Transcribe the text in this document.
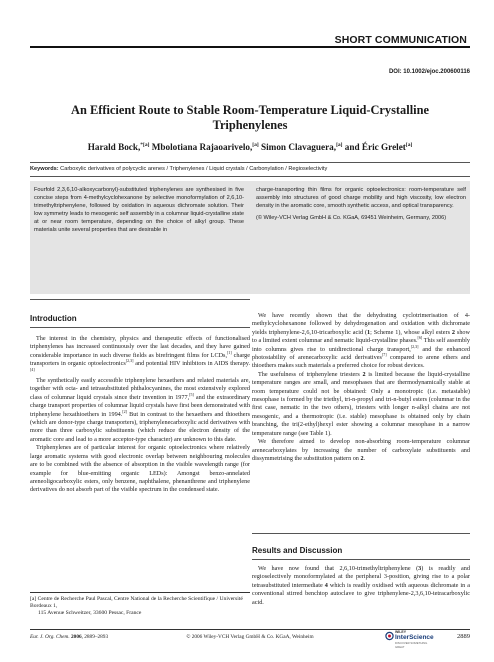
SHORT COMMUNICATION
DOI: 10.1002/ejoc.200600116
An Efficient Route to Stable Room-Temperature Liquid-Crystalline
Triphenylenes
Harald Bock,$^{*[a]}$ Mbolotiana Rajaoarivelo,[a] Simon Clavaguera,[a] and Éric Grelet[a]
Keywords: Carboxylic derivatives of polycyclic arenes / Triphenylenes / Liquid crystals / Carbonylation / Regioselectivity
Fourfold 2,3,6,10-alkoxycarbonyl)-substituted triphenylenes are synthesised in five concise steps from 4-methylcyclohexanone by selective monoformylation of 2,6,10-trimethyltriphenylene, followed by oxidation in aqueous dichromate solution. Their low symmetry leads to mesogenic self assembly in a columnar liquid-crystalline state at or near room temperature, depending on the choice of alkyl group. These materials unite several properties that are desirable in
charge-transporting thin films for organic optoelectronics: room-temperature self assembly into structures of good charge mobility and high viscosity, low electron density in the aromatic core, smooth synthetic access, and optical transparency.
(© Wiley-VCH Verlag GmbH & Co. KGaA, 69451 Weinheim, Germany, 2006)
Introduction

The interest in the chemistry, physics and therapeutic effects of functionalised triphenylenes has increased continuously over the last decades, and they have gained considerable importance in such diverse fields as birefringent films for LCDs,[1] charge transporters in organic optoelectronics[2,3] and potential HIV inhibitors in AIDS therapy.[4]

The synthetically easily accessible triphenylene hexaethers and related materials are, together with octa- and tetrasubstituted phthalocyanines, the most extensively explored class of columnar liquid crystals since their invention in 1977,[5] and the extraordinary charge transport properties of columnar liquid crystals have first been demonstrated with triphenylene hexathioethers in 1994.[2] But in contrast to the hexaethers and thioethers (which are donor-type charge transporters), triphenylenecarboxylic acid derivatives with more than three carboxylic substituents (which reduce the electron density of the aromatic core and lead to a more acceptor-type character) are unknown to this date.

Triphenylenes are of particular interest for organic optoelectronics where relatively large aromatic systems with good electronic overlap between neighbouring molecules are to be combined with the absence of absorption in the visible wavelength range (for example for blue-emitting organic LEDs): Amongst benzo-annelated areneoligocarboxylic esters, only benzene, naphthalene, phenanthrene and triphenylene derivatives do not absorb part of the visible spectrum in the condensed state.

[a] Centre de Recherche Paul Pascal, Centre National de la Recherche Scientifique / Université Bordeaux 1,
115 Avenue Schweitzer, 33600 Pessac, France

We have recently shown that the dehydrating cyclotrimerisation of 4-methylcyclohexanone followed by dehydrogenation and oxidation with dichromate yields triphenylene-2,6,10-tricarboxylic acid (1; Scheme 1), whose alkyl esters 2 show to a limited extent columnar and nematic liquid-crystalline phases.[6] This self assembly into columns gives rise to unidirectional charge transport,[2,3] and the enhanced photostability of arenecarboxylic acid derivatives[7] compared to arene ethers and thioethers makes such materials a preferred choice for robust devices.

The usefulness of triphenylene triesters 2 is limited because the liquid-crystalline temperature ranges are small, and mesophases that are thermodynamically stable at room temperature could not be obtained: Only a monotropic (i.e. metastable) mesophase is formed by the triethyl, tri-n-propyl and tri-n-butyl esters (columnar in the first case, nematic in the two others), triesters with longer n-alkyl chains are not mesogenic, and a thermotropic (i.e. stable) mesophase is obtained only by chain branching, the tri(2-ethyl)hexyl ester showing a columnar mesophase in a narrow temperature range (see Table 1).

We therefore aimed to develop non-absorbing room-temperature columnar arenecarboxylates by increasing the number of carboxylate substituents and dissymmetrising the substitution pattern on 2.

Results and Discussion

We have now found that 2,6,10-trimethyltriphenylene (3) is readily and regioselectively monoformylated at the peripheral 3-position, giving rise to a polar tetrasubstituted intermediate 4 which is readily oxidised with aqueous dichromate in a conventional stirred benchtop autoclave to give triphenylene-2,3,6,10-tetracarboxylic acid.

Eur. J. Org. Chem. 2006, 2889–2893	© 2006 Wiley-VCH Verlag GmbH & Co. KGaA, Weinheim
WILEY
InterScience
DISCOVER SOMETHING GREAT
2889
